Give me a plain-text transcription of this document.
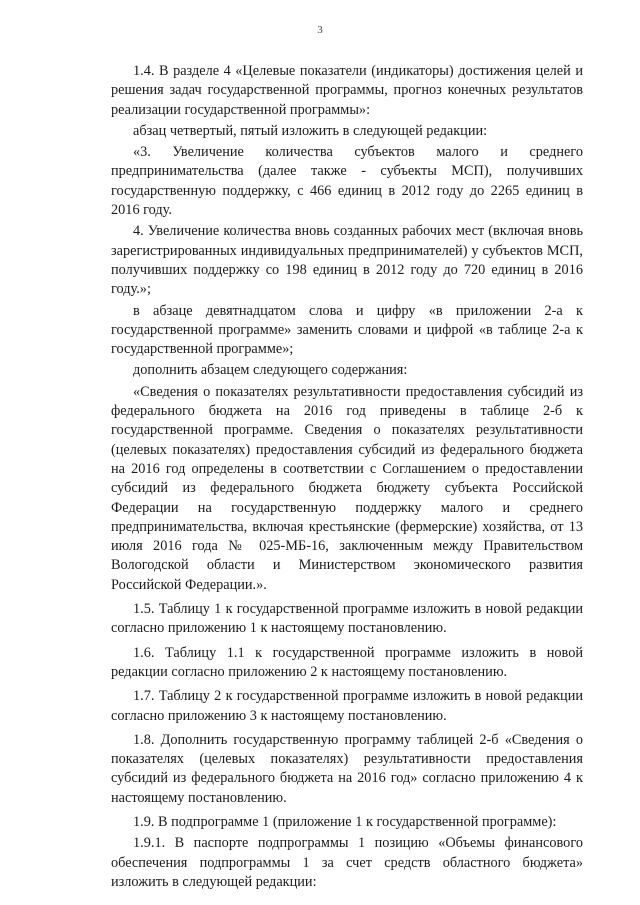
3

1.4. В разделе 4 «Целевые показатели (индикаторы) достижения целей и решения задач государственной программы, прогноз конечных результатов реализации государственной программы»:

абзац четвертый, пятый изложить в следующей редакции:

«3. Увеличение количества субъектов малого и среднего предпринимательства (далее также - субъекты МСП), получивших государственную поддержку, с 466 единиц в 2012 году до 2265 единиц в 2016 году.

4. Увеличение количества вновь созданных рабочих мест (включая вновь зарегистрированных индивидуальных предпринимателей) у субъектов МСП, получивших поддержку со 198 единиц в 2012 году до 720 единиц в 2016 году.»;

в абзаце девятнадцатом слова и цифру «в приложении 2-а к государственной программе» заменить словами и цифрой «в таблице 2-а к государственной программе»;

дополнить абзацем следующего содержания:

«Сведения о показателях результативности предоставления субсидий из федерального бюджета на 2016 год приведены в таблице 2-б к государственной программе. Сведения о показателях результативности (целевых показателях) предоставления субсидий из федерального бюджета на 2016 год определены в соответствии с Соглашением о предоставлении субсидий из федерального бюджета бюджету субъекта Российской Федерации на государственную поддержку малого и среднего предпринимательства, включая крестьянские (фермерские) хозяйства, от 13 июля 2016 года № 025-МБ-16, заключенным между Правительством Вологодской области и Министерством экономического развития Российской Федерации.».

1.5. Таблицу 1 к государственной программе изложить в новой редакции согласно приложению 1 к настоящему постановлению.

1.6. Таблицу 1.1 к государственной программе изложить в новой редакции согласно приложению 2 к настоящему постановлению.

1.7. Таблицу 2 к государственной программе изложить в новой редакции согласно приложению 3 к настоящему постановлению.

1.8. Дополнить государственную программу таблицей 2-б «Сведения о показателях (целевых показателях) результативности предоставления субсидий из федерального бюджета на 2016 год» согласно приложению 4 к настоящему постановлению.

1.9. В подпрограмме 1 (приложение 1 к государственной программе):

1.9.1. В паспорте подпрограммы 1 позицию «Объемы финансового обеспечения подпрограммы 1 за счет средств областного бюджета» изложить в следующей редакции:
